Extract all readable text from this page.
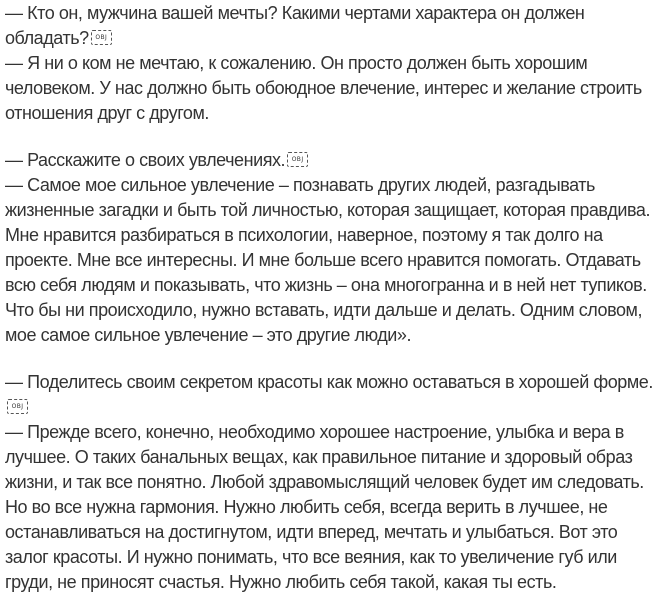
— Кто он, мужчина вашей мечты? Какими чертами характера он должен обладать? OBJ

— Я ни о ком не мечтаю, к сожалению. Он просто должен быть хорошим человеком. У нас должно быть обоюдное влечение, интерес и желание строить отношения друг с другом.

— Расскажите о своих увлечениях. OBJ

— Самое мое сильное увлечение – познавать других людей, разгадывать жизненные загадки и быть той личностью, которая защищает, которая правдива. Мне нравится разбираться в психологии, наверное, поэтому я так долго на проекте. Мне все интересны. И мне больше всего нравится помогать. Отдавать всю себя людям и показывать, что жизнь – она многогранна и в ней нет тупиков. Что бы ни происходило, нужно вставать, идти дальше и делать. Одним словом, мое самое сильное увлечение – это другие люди».

— Поделитесь своим секретом красоты как можно оставаться в хорошей форме.OBJ

— Прежде всего, конечно, необходимо хорошее настроение, улыбка и вера в лучшее. О таких банальных вещах, как правильное питание и здоровый образ жизни, и так все понятно. Любой здравомыслящий человек будет им следовать. Но во все нужна гармония. Нужно любить себя, всегда верить в лучшее, не останавливаться на достигнутом, идти вперед, мечтать и улыбаться. Вот это залог красоты. И нужно понимать, что все веяния, как то увеличение губ или груди, не приносят счастья. Нужно любить себя такой, какая ты есть.
